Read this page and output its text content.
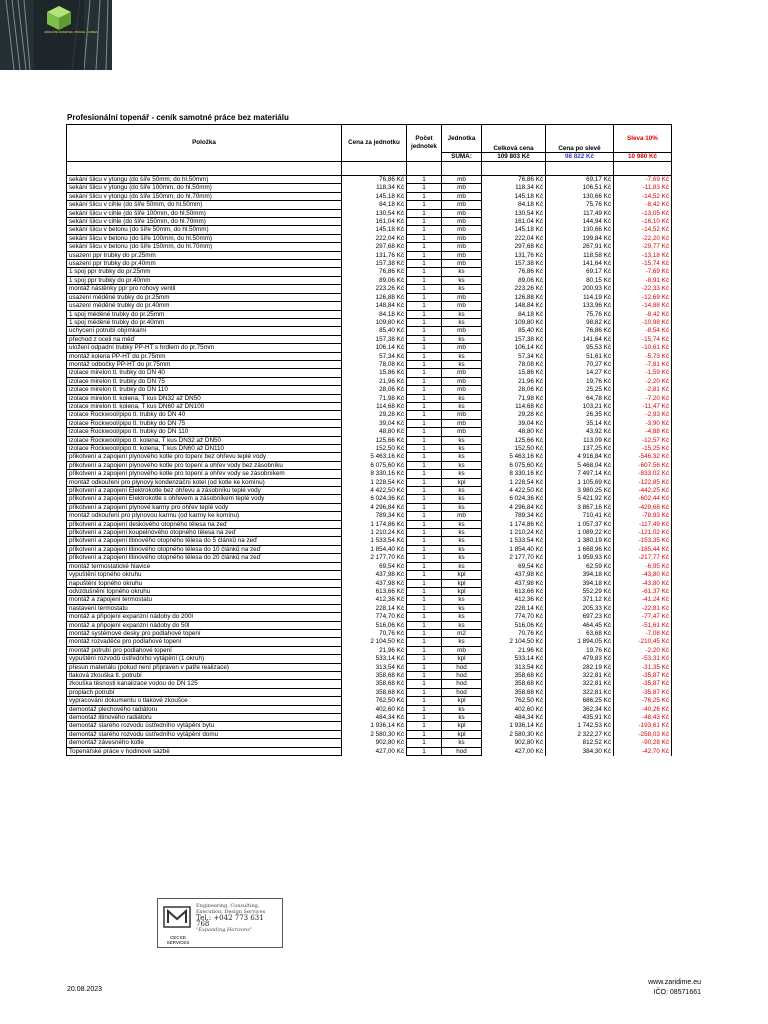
ZÁRUČNÍ DODATEK, PRÁCE – FIRMA
Profesionální topenář - ceník samotné práce bez materiálu
Položka	Cena za jednotku	Počet jednotek	Jednotka	Celková cena	Cena po slevě	Sleva 10%
			SUMA:	109 803 Kč	98 822 Kč	10 980 Kč

sekání šlicu v ytongu (do šíře 50mm, do hl.50mm)	76,86 Kč	1	mb	76,86 Kč	69,17 Kč	-7,69 Kč
sekání šlicu v ytongu (do šíře 100mm, do hl.50mm)	118,34 Kč	1	mb	118,34 Kč	106,51 Kč	-11,83 Kč
sekání šlicu v ytongu (do šíře 150mm, do hl.70mm)	145,18 Kč	1	mb	145,18 Kč	130,66 Kč	-14,52 Kč
sekání šlicu v cihle (do šíře 50mm, do hl.50mm)	84,18 Kč	1	mb	84,18 Kč	75,76 Kč	-8,42 Kč
sekání šlicu v cihle (do šíře 100mm, do hl.50mm)	130,54 Kč	1	mb	130,54 Kč	117,49 Kč	-13,05 Kč
sekání šlicu v cihle (do šíře 150mm, do hl.70mm)	161,04 Kč	1	mb	161,04 Kč	144,94 Kč	-16,10 Kč
sekání šlicu v betonu (do šíře 50mm, do hl.50mm)	145,18 Kč	1	mb	145,18 Kč	130,66 Kč	-14,52 Kč
sekání šlicu v betonu (do šíře 100mm, do hl.50mm)	222,04 Kč	1	mb	222,04 Kč	199,84 Kč	-22,20 Kč
sekání šlicu v betonu (do šíře 150mm, do hl.70mm)	297,68 Kč	1	mb	297,68 Kč	267,91 Kč	-29,77 Kč
usazení ppr trubky do pr.25mm	131,76 Kč	1	mb	131,76 Kč	118,58 Kč	-13,18 Kč
usazení ppr trubky do pr.40mm	157,38 Kč	1	mb	157,38 Kč	141,64 Kč	-15,74 Kč
1 spoj ppr trubky do pr.25mm	76,86 Kč	1	ks	76,86 Kč	69,17 Kč	-7,69 Kč
1 spoj ppr trubky do pr.40mm	89,06 Kč	1	ks	89,06 Kč	80,15 Kč	-8,91 Kč
montáž nástěnky ppr pro rohový ventil	223,26 Kč	1	ks	223,26 Kč	200,93 Kč	-22,33 Kč
usazení měděné trubky do pr.25mm	126,88 Kč	1	mb	126,88 Kč	114,19 Kč	-12,69 Kč
usazení měděné trubky do pr.40mm	148,84 Kč	1	mb	148,84 Kč	133,96 Kč	-14,88 Kč
1 spoj měděné trubky do pr.25mm	84,18 Kč	1	ks	84,18 Kč	75,76 Kč	-8,42 Kč
1 spoj měděné trubky do pr.40mm	109,80 Kč	1	ks	109,80 Kč	98,82 Kč	-10,98 Kč
uchycení potrubí objímkami	85,40 Kč	1	mb	85,40 Kč	76,86 Kč	-8,54 Kč
přechod z oceli na měď	157,38 Kč	1	ks	157,38 Kč	141,64 Kč	-15,74 Kč
uložení odpadní trubky PP-HT s hrdlem do pr.75mm	106,14 Kč	1	mb	106,14 Kč	95,53 Kč	-10,61 Kč
montáž kolena PP-HT do pr.75mm	57,34 Kč	1	ks	57,34 Kč	51,61 Kč	-5,73 Kč
montáž odbočky PP-HT do pr.75mm	78,08 Kč	1	ks	78,08 Kč	70,27 Kč	-7,81 Kč
izolace mirelon tl. trubky do DN 40	15,86 Kč	1	mb	15,86 Kč	14,27 Kč	-1,59 Kč
izolace mirelon tl. trubky do DN 75	21,96 Kč	1	mb	21,96 Kč	19,76 Kč	-2,20 Kč
izolace mirelon tl. trubky do DN 110	28,06 Kč	1	mb	28,06 Kč	25,25 Kč	-2,81 Kč
izolace mirelon tl. kolena, T kus DN32 až DN50	71,98 Kč	1	ks	71,98 Kč	64,78 Kč	-7,20 Kč
izolace mirelon tl. kolena, T kus DN60 až DN100	114,68 Kč	1	ks	114,68 Kč	103,21 Kč	-11,47 Kč
izolace Rockwool/pipo tl. trubky do DN 40	29,28 Kč	1	mb	29,28 Kč	26,35 Kč	-2,93 Kč
izolace Rockwool/pipo tl. trubky do DN 75	39,04 Kč	1	mb	39,04 Kč	35,14 Kč	-3,90 Kč
izolace Rockwool/pipo tl. trubky do DN 110	48,80 Kč	1	mb	48,80 Kč	43,92 Kč	-4,88 Kč
izolace Rockwool/pipo tl. kolena, T kus DN32 až DN50	125,66 Kč	1	ks	125,66 Kč	113,09 Kč	-12,57 Kč
izolace Rockwool/pipo tl. kolena, T kus DN60 až DN110	152,50 Kč	1	ks	152,50 Kč	137,25 Kč	-15,25 Kč
přikotvení a zapojení plynového kotle pro topení bez ohřevu teplé vody	5 463,16 Kč	1	ks	5 463,16 Kč	4 916,84 Kč	-546,32 Kč
přikotvení a zapojení plynového kotle pro topení a ohřev vody bez zásobníku	6 075,60 Kč	1	ks	6 075,60 Kč	5 468,04 Kč	-607,56 Kč
přikotvení a zapojení plynového kotle pro topení a ohřev vody se zásobníkem	8 330,16 Kč	1	ks	8 330,16 Kč	7 497,14 Kč	-833,02 Kč
montáž odkouření pro plynový kondenzační kotel (od kotle ke komínu)	1 228,54 Kč	1	kpl	1 228,54 Kč	1 105,69 Kč	-122,85 Kč
přikotvení a zapojení Elektrokotle bez ohřevu a zásobníku teplé vody	4 422,50 Kč	1	ks	4 422,50 Kč	3 980,25 Kč	-442,25 Kč
přikotvení a zapojení Elektrokotle s ohřevem a zásobníkem teplé vody	6 024,36 Kč	1	ks	6 024,36 Kč	5 421,92 Kč	-602,44 Kč
přikotvení a zapojení plynové karmy pro ohřev teplé vody	4 296,84 Kč	1	ks	4 296,84 Kč	3 867,16 Kč	-429,68 Kč
montáž odkouření pro plynovou karmu (od karmy ke komínu)	789,34 Kč	1	mb	789,34 Kč	710,41 Kč	-78,93 Kč
přikotvení a zapojení deskového otopného tělesa na zeď	1 174,86 Kč	1	ks	1 174,86 Kč	1 057,37 Kč	-117,49 Kč
přikotvení a zapojení koupelnového otopného tělesa na zeď	1 210,24 Kč	1	ks	1 210,24 Kč	1 089,22 Kč	-121,02 Kč
přikotvení a zapojení litinového otopného tělesa do 5 článků na zeď	1 533,54 Kč	1	ks	1 533,54 Kč	1 380,19 Kč	-153,35 Kč
přikotvení a zapojení litinového otopného tělesa do 10 článků na zeď	1 854,40 Kč	1	ks	1 854,40 Kč	1 668,96 Kč	-185,44 Kč
přikotvení a zapojení litinového otopného tělesa do 20 článků na zeď	2 177,70 Kč	1	ks	2 177,70 Kč	1 959,93 Kč	-217,77 Kč
montáž termostatické hlavice	69,54 Kč	1	ks	69,54 Kč	62,59 Kč	-6,95 Kč
vypuštění topného okruhu	437,98 Kč	1	kpl	437,98 Kč	394,18 Kč	-43,80 Kč
napuštění topného okruhu	437,98 Kč	1	kpl	437,98 Kč	394,18 Kč	-43,80 Kč
odvzdušnění topného okruhu	613,66 Kč	1	kpl	613,66 Kč	552,29 Kč	-61,37 Kč
montáž a zapojení termostatu	412,36 Kč	1	ks	412,36 Kč	371,12 Kč	-41,24 Kč
nastavení termostatu	228,14 Kč	1	ks	228,14 Kč	205,33 Kč	-22,81 Kč
montáž a připojení expanzní nádoby do 200l	774,70 Kč	1	ks	774,70 Kč	697,23 Kč	-77,47 Kč
montáž a připojení expanzní nádoby do 50l	516,06 Kč	1	ks	516,06 Kč	464,45 Kč	-51,61 Kč
montáž systémové desky pro podlahové topení	70,76 Kč	1	m2	70,76 Kč	63,68 Kč	-7,08 Kč
montáž rozvaděče pro podlahové topení	2 104,50 Kč	1	ks	2 104,50 Kč	1 894,05 Kč	-210,45 Kč
montáž potrubí pro podlahové topení	21,96 Kč	1	mb	21,96 Kč	19,76 Kč	-2,20 Kč
vypuštění rozvodů ústředního vytápění (1 okruh)	533,14 Kč	1	kpl	533,14 Kč	479,83 Kč	-53,31 Kč
přesun materiálu (pokud není připraven v patře realizace)	313,54 Kč	1	hod	313,54 Kč	282,19 Kč	-31,35 Kč
tlaková zkouška tl. potrubí	358,68 Kč	1	hod	358,68 Kč	322,81 Kč	-35,87 Kč
zkouška těsnosti kanalizace vodou do DN 125	358,68 Kč	1	hod	358,68 Kč	322,81 Kč	-35,87 Kč
proplach potrubí	358,68 Kč	1	hod	358,68 Kč	322,81 Kč	-35,87 Kč
vypracování dokumentu o tlakové zkoušce	762,50 Kč	1	kpl	762,50 Kč	686,25 Kč	-76,25 Kč
demontáž plechového radiátoru	402,60 Kč	1	ks	402,60 Kč	362,34 Kč	-40,26 Kč
demontáž litinového radiátoru	484,34 Kč	1	ks	484,34 Kč	435,91 Kč	-48,43 Kč
demontáž starého rozvodu ústředního vytápění bytu	1 936,14 Kč	1	kpl	1 936,14 Kč	1 742,53 Kč	-193,61 Kč
demontáž starého rozvodu ústředního vytápění domu	2 580,30 Kč	1	kpl	2 580,30 Kč	2 322,27 Kč	-258,03 Kč
demontáž závesného kotle	902,80 Kč	1	ks	902,80 Kč	812,52 Kč	-90,28 Kč
Topenářské práce v hodinové sazbě	427,00 Kč	1	hod	427,00 Kč	384,30 Kč	-42,70 Kč
Engineering, Consulting, Execution, Design Services
Tel.: +042 773 631 768
"Expanding Horizons"
CECSD SERVICES
20.08.2023
www.zaridime.eu
IČO: 08571661
